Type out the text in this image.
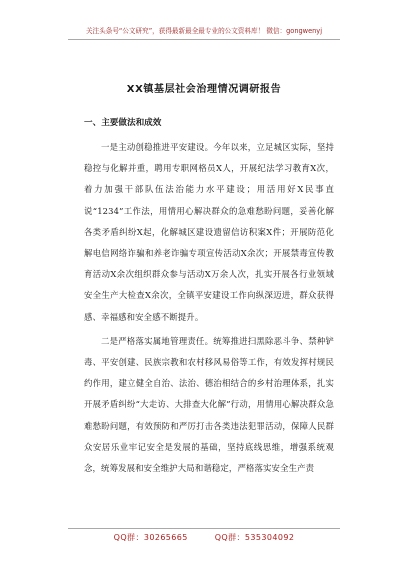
关注头条号“公文研究”，获得最新最全最专业的公文资料库！ 微信：gongwenyj
XX镇基层社会治理情况调研报告
一、主要做法和成效

一是主动创稳推进平安建设。今年以来，立足城区实际，坚持稳控与化解并重，聘用专职网格员X人，开展纪法学习教育X次，着力加强干部队伍法治能力水平建设；用活用好X民事直说“1234”工作法，用情用心解决群众的急难愁盼问题，妥善化解各类矛盾纠纷X起，化解城区建设遗留信访积案X件；开展防范化解电信网络诈骗和养老诈骗专项宣传活动X余次；开展禁毒宣传教育活动X余次组织群众参与活动X万余人次，扎实开展各行业领域安全生产大检查X余次，全镇平安建设工作向纵深迈进，群众获得感、幸福感和安全感不断提升。

二是严格落实属地管理责任。统筹推进扫黑除恶斗争、禁种铲毒、平安创建、民族宗教和农村移风易俗等工作，有效发挥村规民约作用，建立健全自治、法治、德治相结合的乡村治理体系，扎实开展矛盾纠纷“大走访、大排查大化解”行动，用情用心解决群众急难愁盼问题，有效预防和严厉打击各类违法犯罪活动，保障人民群众安居乐业牢记安全是发展的基础，坚持底线思维，增强系统观念，统筹发展和安全维护大局和谐稳定，严格落实安全生产责

QQ群：30265665	QQ群：535304092
